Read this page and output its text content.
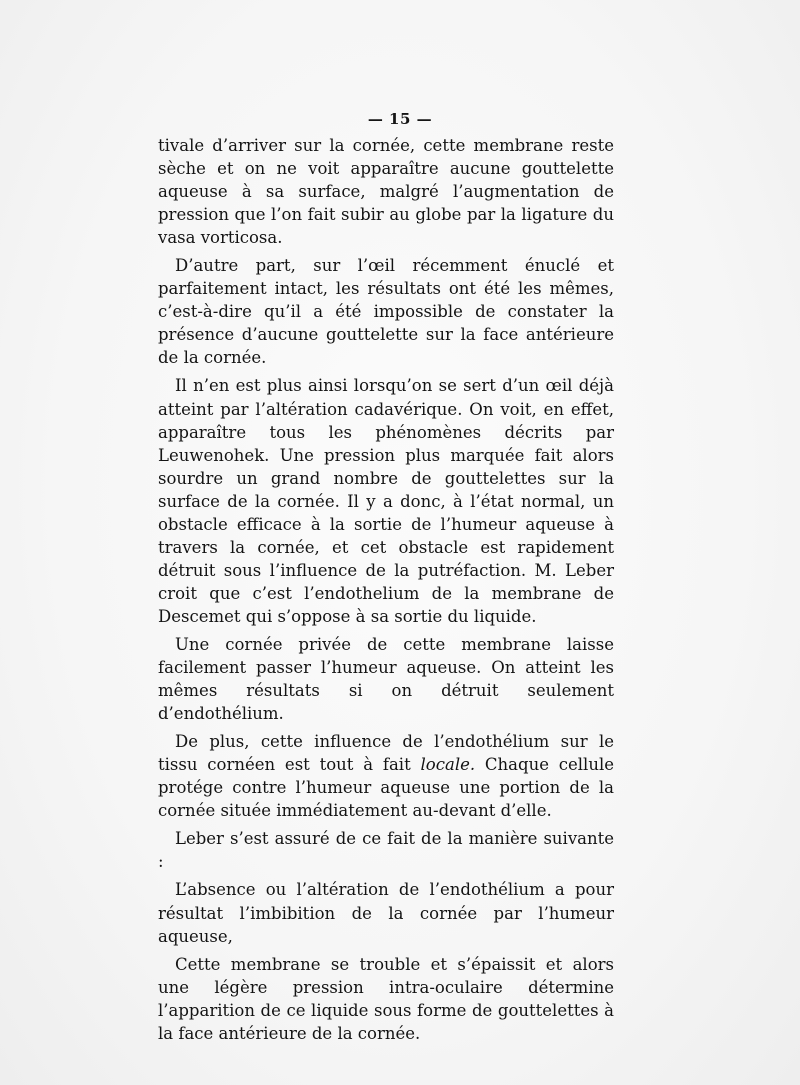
— 15 —

tivale d’arriver sur la cornée, cette membrane reste sèche et on ne voit apparaître aucune gouttelette aqueuse à sa surface, malgré l’augmentation de pression que l’on fait subir au globe par la ligature du vasa vorticosa.

D’autre part, sur l’œil récemment énuclé et parfaitement intact, les résultats ont été les mêmes, c’est-à-dire qu’il a été impossible de constater la présence d’aucune gouttelette sur la face antérieure de la cornée.

Il n’en est plus ainsi lorsqu’on se sert d’un œil déjà atteint par l’altération cadavérique. On voit, en effet, apparaître tous les phénomènes décrits par Leuwenohek. Une pression plus marquée fait alors sourdre un grand nombre de gouttelettes sur la surface de la cornée. Il y a donc, à l’état normal, un obstacle efficace à la sortie de l’humeur aqueuse à travers la cornée, et cet obstacle est rapidement détruit sous l’influence de la putréfaction. M. Leber croit que c’est l’endothelium de la membrane de Descemet qui s’oppose à sa sortie du liquide.

Une cornée privée de cette membrane laisse facilement passer l’humeur aqueuse. On atteint les mêmes résultats si on détruit seulement d’endothélium.

De plus, cette influence de l’endothélium sur le tissu cornéen est tout à fait locale. Chaque cellule protége contre l’humeur aqueuse une portion de la cornée située immédiatement au-devant d’elle.

Leber s’est assuré de ce fait de la manière suivante :

L’absence ou l’altération de l’endothélium a pour résultat l’imbibition de la cornée par l’humeur aqueuse,

Cette membrane se trouble et s’épaissit et alors une légère pression intra-oculaire détermine l’apparition de ce liquide sous forme de gouttelettes à la face antérieure de la cornée.
